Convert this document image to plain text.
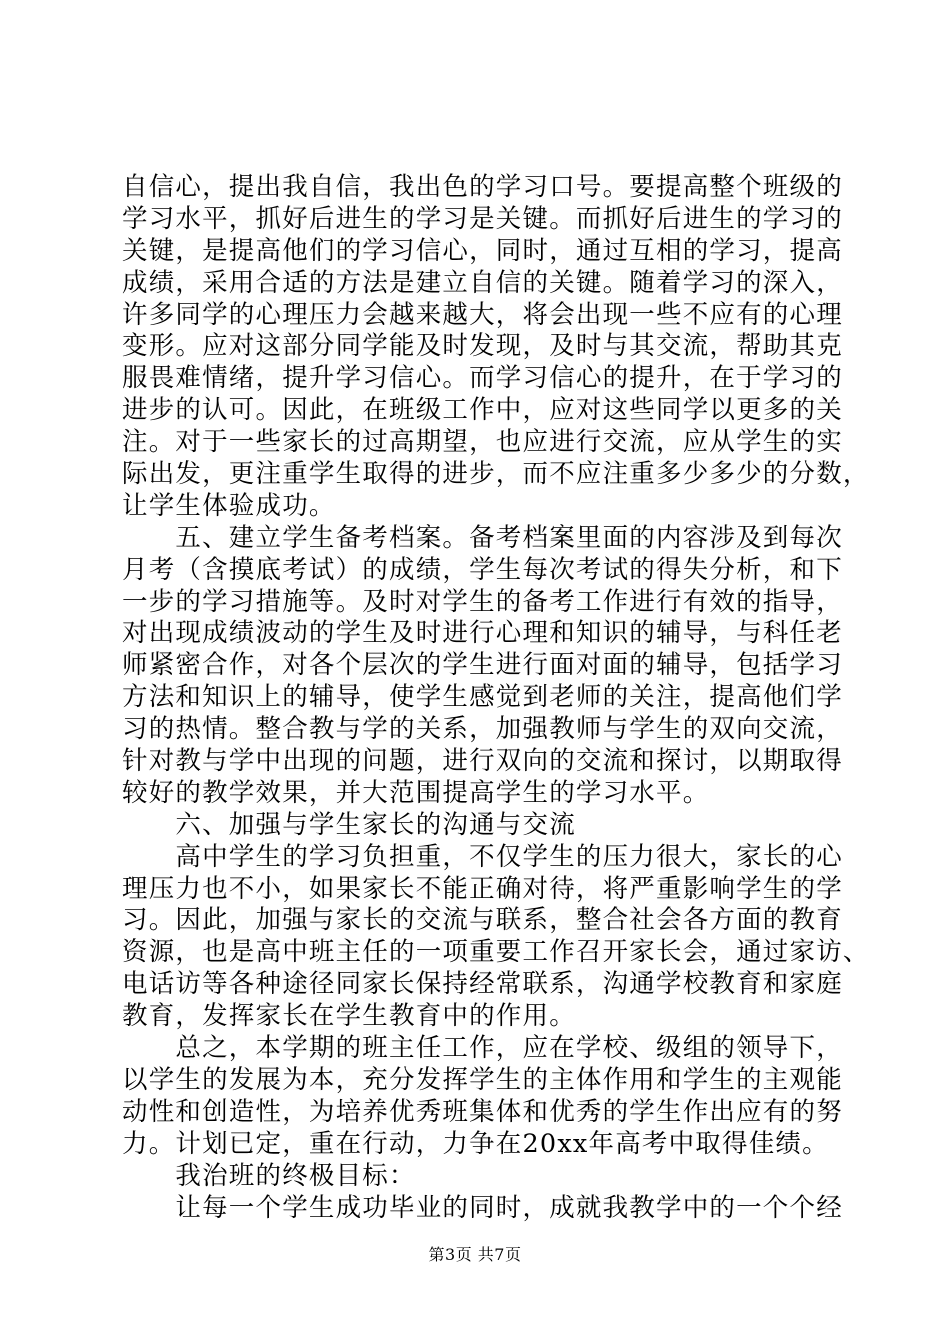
自信心，提出我自信，我出色的学习口号。要提高整个班级的
学习水平，抓好后进生的学习是关键。而抓好后进生的学习的
关键，是提高他们的学习信心，同时，通过互相的学习，提高
成绩，采用合适的方法是建立自信的关键。随着学习的深入，
许多同学的心理压力会越来越大，将会出现一些不应有的心理
变形。应对这部分同学能及时发现，及时与其交流，帮助其克
服畏难情绪，提升学习信心。而学习信心的提升，在于学习的
进步的认可。因此，在班级工作中，应对这些同学以更多的关
注。对于一些家长的过高期望，也应进行交流，应从学生的实
际出发，更注重学生取得的进步，而不应注重多少多少的分数，
让学生体验成功。
　　五、建立学生备考档案。备考档案里面的内容涉及到每次
月考（含摸底考试）的成绩，学生每次考试的得失分析，和下
一步的学习措施等。及时对学生的备考工作进行有效的指导，
对出现成绩波动的学生及时进行心理和知识的辅导，与科任老
师紧密合作，对各个层次的学生进行面对面的辅导，包括学习
方法和知识上的辅导，使学生感觉到老师的关注，提高他们学
习的热情。整合教与学的关系，加强教师与学生的双向交流，
针对教与学中出现的问题，进行双向的交流和探讨，以期取得
较好的教学效果，并大范围提高学生的学习水平。
　　六、加强与学生家长的沟通与交流
　　高中学生的学习负担重，不仅学生的压力很大，家长的心
理压力也不小，如果家长不能正确对待，将严重影响学生的学
习。因此，加强与家长的交流与联系，整合社会各方面的教育
资源，也是高中班主任的一项重要工作召开家长会，通过家访、
电话访等各种途径同家长保持经常联系，沟通学校教育和家庭
教育，发挥家长在学生教育中的作用。
　　总之，本学期的班主任工作，应在学校、级组的领导下，
以学生的发展为本，充分发挥学生的主体作用和学生的主观能
动性和创造性，为培养优秀班集体和优秀的学生作出应有的努
力。计划已定，重在行动，力争在20xx年高考中取得佳绩。
　　我治班的终极目标：
　　让每一个学生成功毕业的同时，成就我教学中的一个个经
第3页 共7页
